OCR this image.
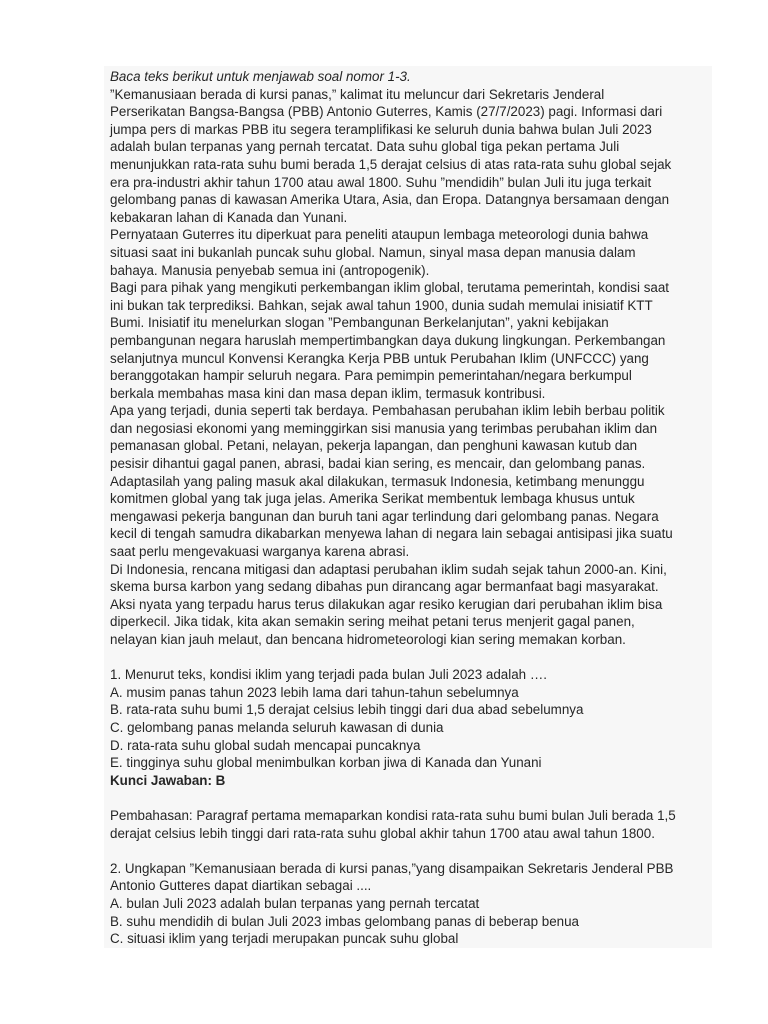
Baca teks berikut untuk menjawab soal nomor 1-3.
”Kemanusiaan berada di kursi panas,” kalimat itu meluncur dari Sekretaris Jenderal
Perserikatan Bangsa-Bangsa (PBB) Antonio Guterres, Kamis (27/7/2023) pagi. Informasi dari
jumpa pers di markas PBB itu segera teramplifikasi ke seluruh dunia bahwa bulan Juli 2023
adalah bulan terpanas yang pernah tercatat. Data suhu global tiga pekan pertama Juli
menunjukkan rata-rata suhu bumi berada 1,5 derajat celsius di atas rata-rata suhu global sejak
era pra-industri akhir tahun 1700 atau awal 1800. Suhu ”mendidih” bulan Juli itu juga terkait
gelombang panas di kawasan Amerika Utara, Asia, dan Eropa. Datangnya bersamaan dengan
kebakaran lahan di Kanada dan Yunani.
Pernyataan Guterres itu diperkuat para peneliti ataupun lembaga meteorologi dunia bahwa
situasi saat ini bukanlah puncak suhu global. Namun, sinyal masa depan manusia dalam
bahaya. Manusia penyebab semua ini (antropogenik).
Bagi para pihak yang mengikuti perkembangan iklim global, terutama pemerintah, kondisi saat
ini bukan tak terprediksi. Bahkan, sejak awal tahun 1900, dunia sudah memulai inisiatif KTT
Bumi. Inisiatif itu menelurkan slogan ”Pembangunan Berkelanjutan”, yakni kebijakan
pembangunan negara haruslah mempertimbangkan daya dukung lingkungan. Perkembangan
selanjutnya muncul Konvensi Kerangka Kerja PBB untuk Perubahan Iklim (UNFCCC) yang
beranggotakan hampir seluruh negara. Para pemimpin pemerintahan/negara berkumpul
berkala membahas masa kini dan masa depan iklim, termasuk kontribusi.
Apa yang terjadi, dunia seperti tak berdaya. Pembahasan perubahan iklim lebih berbau politik
dan negosiasi ekonomi yang meminggirkan sisi manusia yang terimbas perubahan iklim dan
pemanasan global. Petani, nelayan, pekerja lapangan, dan penghuni kawasan kutub dan
pesisir dihantui gagal panen, abrasi, badai kian sering, es mencair, dan gelombang panas.
Adaptasilah yang paling masuk akal dilakukan, termasuk Indonesia, ketimbang menunggu
komitmen global yang tak juga jelas. Amerika Serikat membentuk lembaga khusus untuk
mengawasi pekerja bangunan dan buruh tani agar terlindung dari gelombang panas. Negara
kecil di tengah samudra dikabarkan menyewa lahan di negara lain sebagai antisipasi jika suatu
saat perlu mengevakuasi warganya karena abrasi.
Di Indonesia, rencana mitigasi dan adaptasi perubahan iklim sudah sejak tahun 2000-an. Kini,
skema bursa karbon yang sedang dibahas pun dirancang agar bermanfaat bagi masyarakat.
Aksi nyata yang terpadu harus terus dilakukan agar resiko kerugian dari perubahan iklim bisa
diperkecil. Jika tidak, kita akan semakin sering meihat petani terus menjerit gagal panen,
nelayan kian jauh melaut, dan bencana hidrometeorologi kian sering memakan korban.
1. Menurut teks, kondisi iklim yang terjadi pada bulan Juli 2023 adalah ….
A. musim panas tahun 2023 lebih lama dari tahun-tahun sebelumnya
B. rata-rata suhu bumi 1,5 derajat celsius lebih tinggi dari dua abad sebelumnya
C. gelombang panas melanda seluruh kawasan di dunia
D. rata-rata suhu global sudah mencapai puncaknya
E. tingginya suhu global menimbulkan korban jiwa di Kanada dan Yunani
Kunci Jawaban: B
Pembahasan: Paragraf pertama memaparkan kondisi rata-rata suhu bumi bulan Juli berada 1,5
derajat celsius lebih tinggi dari rata-rata suhu global akhir tahun 1700 atau awal tahun 1800.
2. Ungkapan ”Kemanusiaan berada di kursi panas,”yang disampaikan Sekretaris Jenderal PBB
Antonio Gutteres dapat diartikan sebagai ....
A. bulan Juli 2023 adalah bulan terpanas yang pernah tercatat
B. suhu mendidih di bulan Juli 2023 imbas gelombang panas di beberap benua
C. situasi iklim yang terjadi merupakan puncak suhu global
